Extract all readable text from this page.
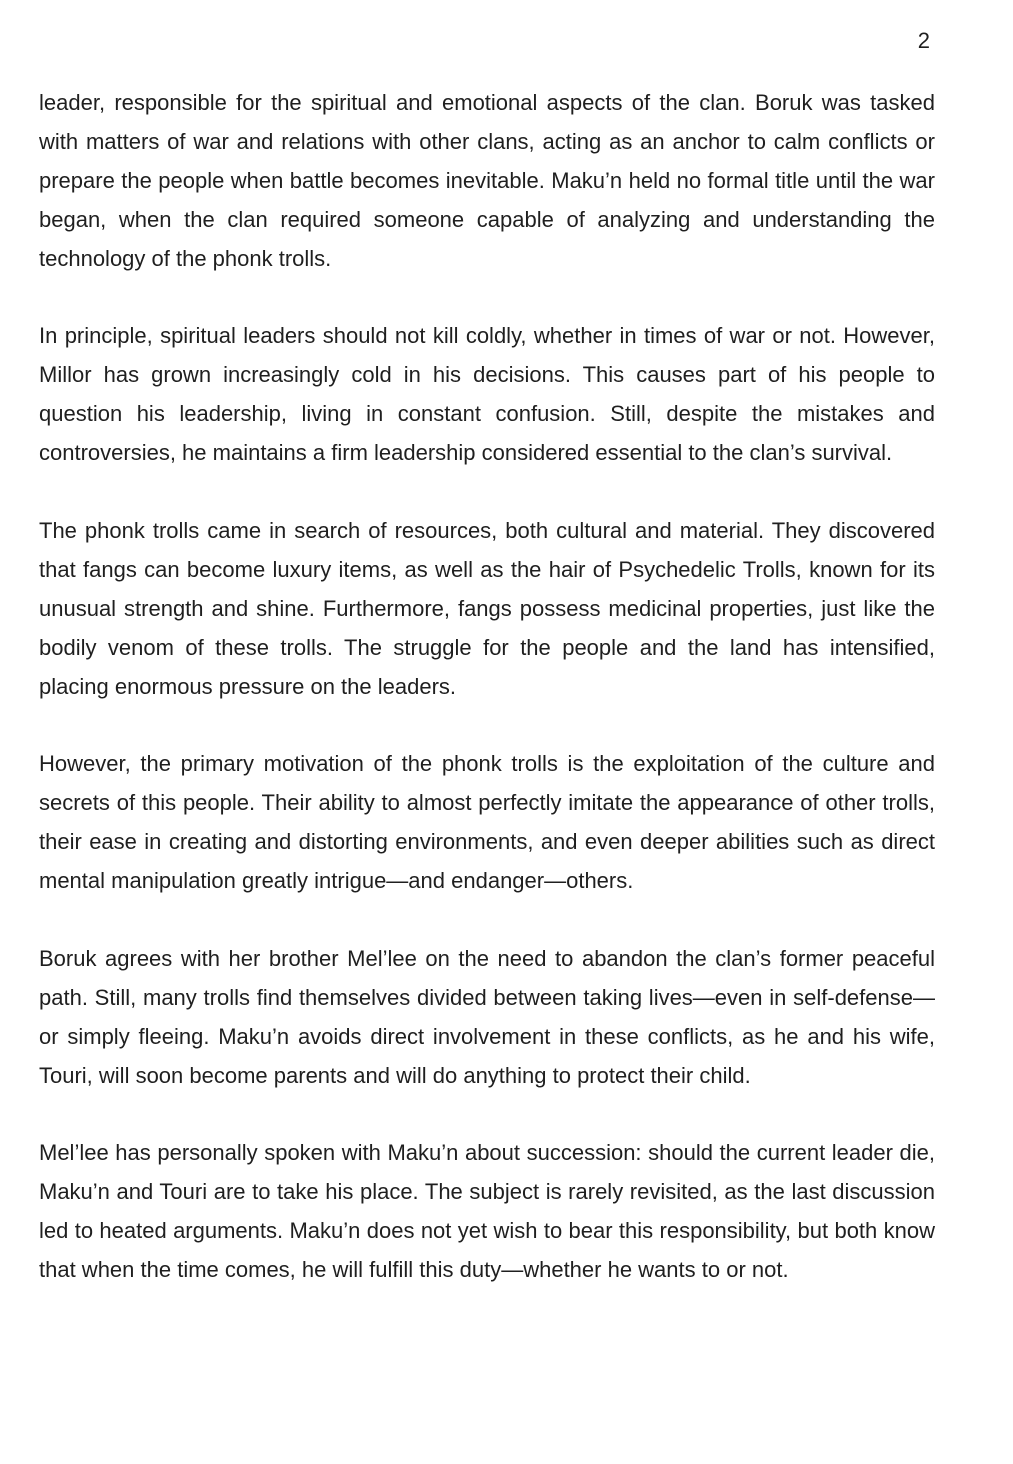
2

leader, responsible for the spiritual and emotional aspects of the clan. Boruk was tasked with matters of war and relations with other clans, acting as an anchor to calm conflicts or prepare the people when battle becomes inevitable. Maku’n held no formal title until the war began, when the clan required someone capable of analyzing and understanding the technology of the phonk trolls.

In principle, spiritual leaders should not kill coldly, whether in times of war or not. However, Millor has grown increasingly cold in his decisions. This causes part of his people to question his leadership, living in constant confusion. Still, despite the mistakes and controversies, he maintains a firm leadership considered essential to the clan’s survival.

The phonk trolls came in search of resources, both cultural and material. They discovered that fangs can become luxury items, as well as the hair of Psychedelic Trolls, known for its unusual strength and shine. Furthermore, fangs possess medicinal properties, just like the bodily venom of these trolls. The struggle for the people and the land has intensified, placing enormous pressure on the leaders.

However, the primary motivation of the phonk trolls is the exploitation of the culture and secrets of this people. Their ability to almost perfectly imitate the appearance of other trolls, their ease in creating and distorting environments, and even deeper abilities such as direct mental manipulation greatly intrigue—and endanger—others.

Boruk agrees with her brother Mel’lee on the need to abandon the clan’s former peaceful path. Still, many trolls find themselves divided between taking lives—even in self-defense—or simply fleeing. Maku’n avoids direct involvement in these conflicts, as he and his wife, Touri, will soon become parents and will do anything to protect their child.

Mel’lee has personally spoken with Maku’n about succession: should the current leader die, Maku’n and Touri are to take his place. The subject is rarely revisited, as the last discussion led to heated arguments. Maku’n does not yet wish to bear this responsibility, but both know that when the time comes, he will fulfill this duty—whether he wants to or not.
